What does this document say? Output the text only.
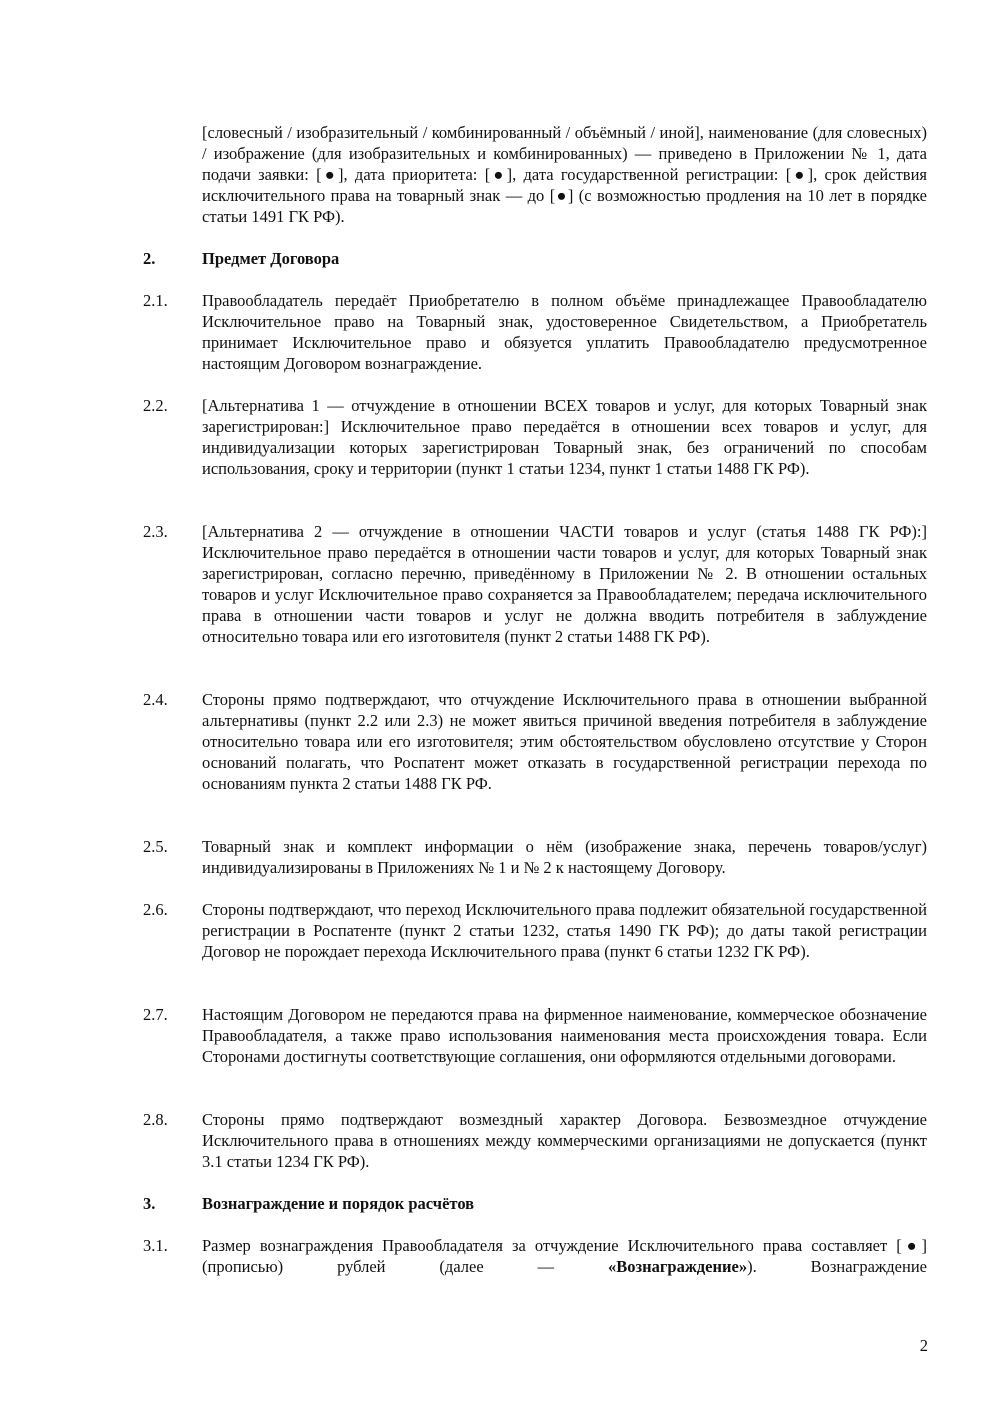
[словесный / изобразительный / комбинированный / объёмный / иной], наименование (для словесных) / изображение (для изобразительных и комбинированных) — приведено в Приложении № 1, дата подачи заявки: [●], дата приоритета: [●], дата государственной регистрации: [●], срок действия исключительного права на товарный знак — до [●] (с возможностью продления на 10 лет в порядке статьи 1491 ГК РФ).
2.	Предмет Договора
2.1. Правообладатель передаёт Приобретателю в полном объёме принадлежащее Правообладателю Исключительное право на Товарный знак, удостоверенное Свидетельством, а Приобретатель принимает Исключительное право и обязуется уплатить Правообладателю предусмотренное настоящим Договором вознаграждение.
2.2. [Альтернатива 1 — отчуждение в отношении ВСЕХ товаров и услуг, для которых Товарный знак зарегистрирован:] Исключительное право передаётся в отношении всех товаров и услуг, для индивидуализации которых зарегистрирован Товарный знак, без ограничений по способам использования, сроку и территории (пункт 1 статьи 1234, пункт 1 статьи 1488 ГК РФ).
2.3. [Альтернатива 2 — отчуждение в отношении ЧАСТИ товаров и услуг (статья 1488 ГК РФ):] Исключительное право передаётся в отношении части товаров и услуг, для которых Товарный знак зарегистрирован, согласно перечню, приведённому в Приложении № 2. В отношении остальных товаров и услуг Исключительное право сохраняется за Правообладателем; передача исключительного права в отношении части товаров и услуг не должна вводить потребителя в заблуждение относительно товара или его изготовителя (пункт 2 статьи 1488 ГК РФ).
2.4. Стороны прямо подтверждают, что отчуждение Исключительного права в отношении выбранной альтернативы (пункт 2.2 или 2.3) не может явиться причиной введения потребителя в заблуждение относительно товара или его изготовителя; этим обстоятельством обусловлено отсутствие у Сторон оснований полагать, что Роспатент может отказать в государственной регистрации перехода по основаниям пункта 2 статьи 1488 ГК РФ.
2.5. Товарный знак и комплект информации о нём (изображение знака, перечень товаров/услуг) индивидуализированы в Приложениях № 1 и № 2 к настоящему Договору.
2.6. Стороны подтверждают, что переход Исключительного права подлежит обязательной государственной регистрации в Роспатенте (пункт 2 статьи 1232, статья 1490 ГК РФ); до даты такой регистрации Договор не порождает перехода Исключительного права (пункт 6 статьи 1232 ГК РФ).
2.7. Настоящим Договором не передаются права на фирменное наименование, коммерческое обозначение Правообладателя, а также право использования наименования места происхождения товара. Если Сторонами достигнуты соответствующие соглашения, они оформляются отдельными договорами.
2.8. Стороны прямо подтверждают возмездный характер Договора. Безвозмездное отчуждение Исключительного права в отношениях между коммерческими организациями не допускается (пункт 3.1 статьи 1234 ГК РФ).
3.	Вознаграждение и порядок расчётов
3.1. Размер вознаграждения Правообладателя за отчуждение Исключительного права составляет [●] (прописью) рублей (далее — «Вознаграждение»). Вознаграждение
2
